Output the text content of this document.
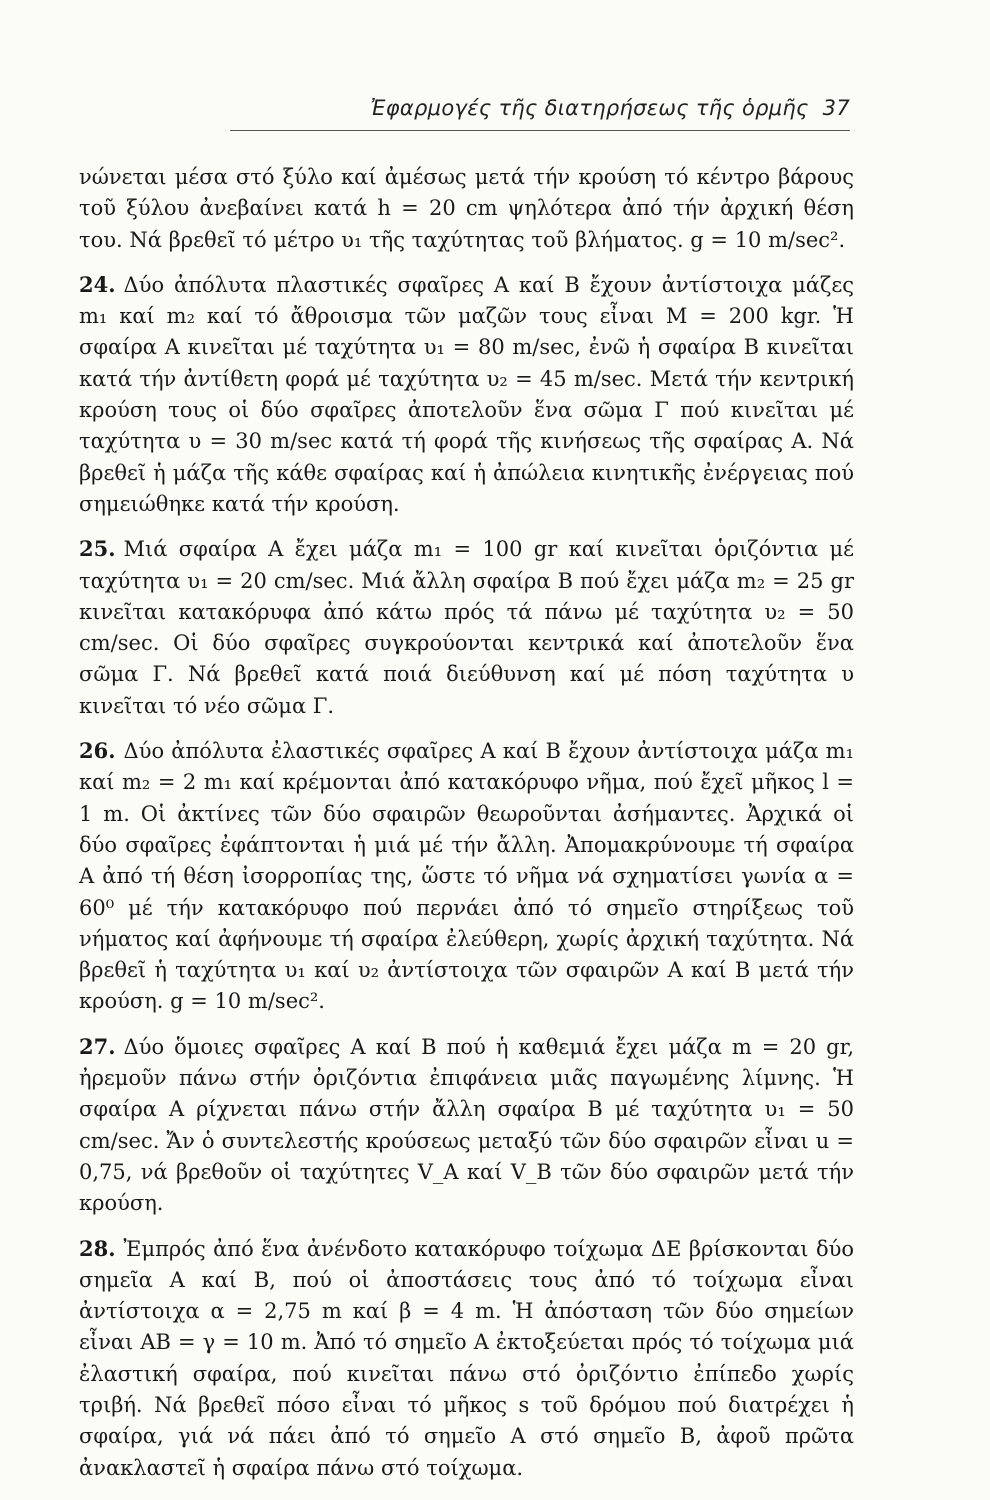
Ἐφαρμογές τῆς διατηρήσεως τῆς ὁρμῆς 37

νώνεται μέσα στό ξύλο καί ἀμέσως μετά τήν κρούση τό κέντρο βάρους τοῦ ξύλου ἀνεβαίνει κατά h = 20 cm ψηλότερα ἀπό τήν ἀρχική θέση του. Νά βρεθεῖ τό μέτρο υ₁ τῆς ταχύτητας τοῦ βλήματος. g = 10 m/sec².

24. Δύο ἀπόλυτα πλαστικές σφαῖρες Α καί Β ἔχουν ἀντίστοιχα μάζες m₁ καί m₂ καί τό ἄθροισμα τῶν μαζῶν τους εἶναι Μ = 200 kgr. Ἡ σφαίρα Α κινεῖται μέ ταχύτητα υ₁ = 80 m/sec, ἐνῶ ἡ σφαίρα Β κινεῖται κατά τήν ἀντίθετη φορά μέ ταχύτητα υ₂ = 45 m/sec. Μετά τήν κεντρική κρούση τους οἱ δύο σφαῖρες ἀποτελοῦν ἕνα σῶμα Γ πού κινεῖται μέ ταχύτητα υ = 30 m/sec κατά τή φορά τῆς κινήσεως τῆς σφαίρας Α. Νά βρεθεῖ ἡ μάζα τῆς κάθε σφαίρας καί ἡ ἀπώλεια κινητικῆς ἐνέργειας πού σημειώθηκε κατά τήν κρούση.

25. Μιά σφαίρα Α ἔχει μάζα m₁ = 100 gr καί κινεῖται ὁριζόντια μέ ταχύτητα υ₁ = 20 cm/sec. Μιά ἄλλη σφαίρα Β πού ἔχει μάζα m₂ = 25 gr κινεῖται κατακόρυφα ἀπό κάτω πρός τά πάνω μέ ταχύτητα υ₂ = 50 cm/sec. Οἱ δύο σφαῖρες συγκρούονται κεντρικά καί ἀποτελοῦν ἕνα σῶμα Γ. Νά βρεθεῖ κατά ποιά διεύθυνση καί μέ πόση ταχύτητα υ κινεῖται τό νέο σῶμα Γ.

26. Δύο ἀπόλυτα ἐλαστικές σφαῖρες Α καί Β ἔχουν ἀντίστοιχα μάζα m₁ καί m₂ = 2 m₁ καί κρέμονται ἀπό κατακόρυφο νῆμα, πού ἔχεῖ μῆκος l = 1 m. Οἱ ἀκτίνες τῶν δύο σφαιρῶν θεωροῦνται ἀσήμαντες. Ἀρχικά οἱ δύο σφαῖρες ἐφάπτονται ἡ μιά μέ τήν ἄλλη. Ἀπομακρύνουμε τή σφαίρα Α ἀπό τή θέση ἰσορροπίας της, ὥστε τό νῆμα νά σχηματίσει γωνία α = 60⁰ μέ τήν κατακόρυφο πού περνάει ἀπό τό σημεῖο στηρίξεως τοῦ νήματος καί ἀφήνουμε τή σφαίρα ἐλεύθερη, χωρίς ἀρχική ταχύτητα. Νά βρεθεῖ ἡ ταχύτητα υ₁ καί υ₂ ἀντίστοιχα τῶν σφαιρῶν Α καί Β μετά τήν κρούση. g = 10 m/sec².

27. Δύο ὅμοιες σφαῖρες Α καί Β πού ἡ καθεμιά ἔχει μάζα m = 20 gr, ἠρεμοῦν πάνω στήν ὀριζόντια ἐπιφάνεια μιᾶς παγωμένης λίμνης. Ἡ σφαίρα Α ρίχνεται πάνω στήν ἄλλη σφαίρα Β μέ ταχύτητα υ₁ = 50 cm/sec. Ἄν ὁ συντελεστής κρούσεως μεταξύ τῶν δύο σφαιρῶν εἶναι u = 0,75, νά βρεθοῦν οἱ ταχύτητες V_A καί V_B τῶν δύο σφαιρῶν μετά τήν κρούση.

28. Ἐμπρός ἀπό ἕνα ἀνένδοτο κατακόρυφο τοίχωμα ΔΕ βρίσκονται δύο σημεῖα Α καί Β, πού οἱ ἀποστάσεις τους ἀπό τό τοίχωμα εἶναι ἀντίστοιχα α = 2,75 m καί β = 4 m. Ἡ ἀπόσταση τῶν δύο σημείων εἶναι ΑΒ = γ = 10 m. Ἀπό τό σημεῖο Α ἐκτοξεύεται πρός τό τοίχωμα μιά ἐλαστική σφαίρα, πού κινεῖται πάνω στό ὀριζόντιο ἐπίπεδο χωρίς τριβή. Νά βρεθεῖ πόσο εἶναι τό μῆκος s τοῦ δρόμου πού διατρέχει ἡ σφαίρα, γιά νά πάει ἀπό τό σημεῖο Α στό σημεῖο Β, ἀφοῦ πρῶτα ἀνακλαστεῖ ἡ σφαίρα πάνω στό τοίχωμα.
